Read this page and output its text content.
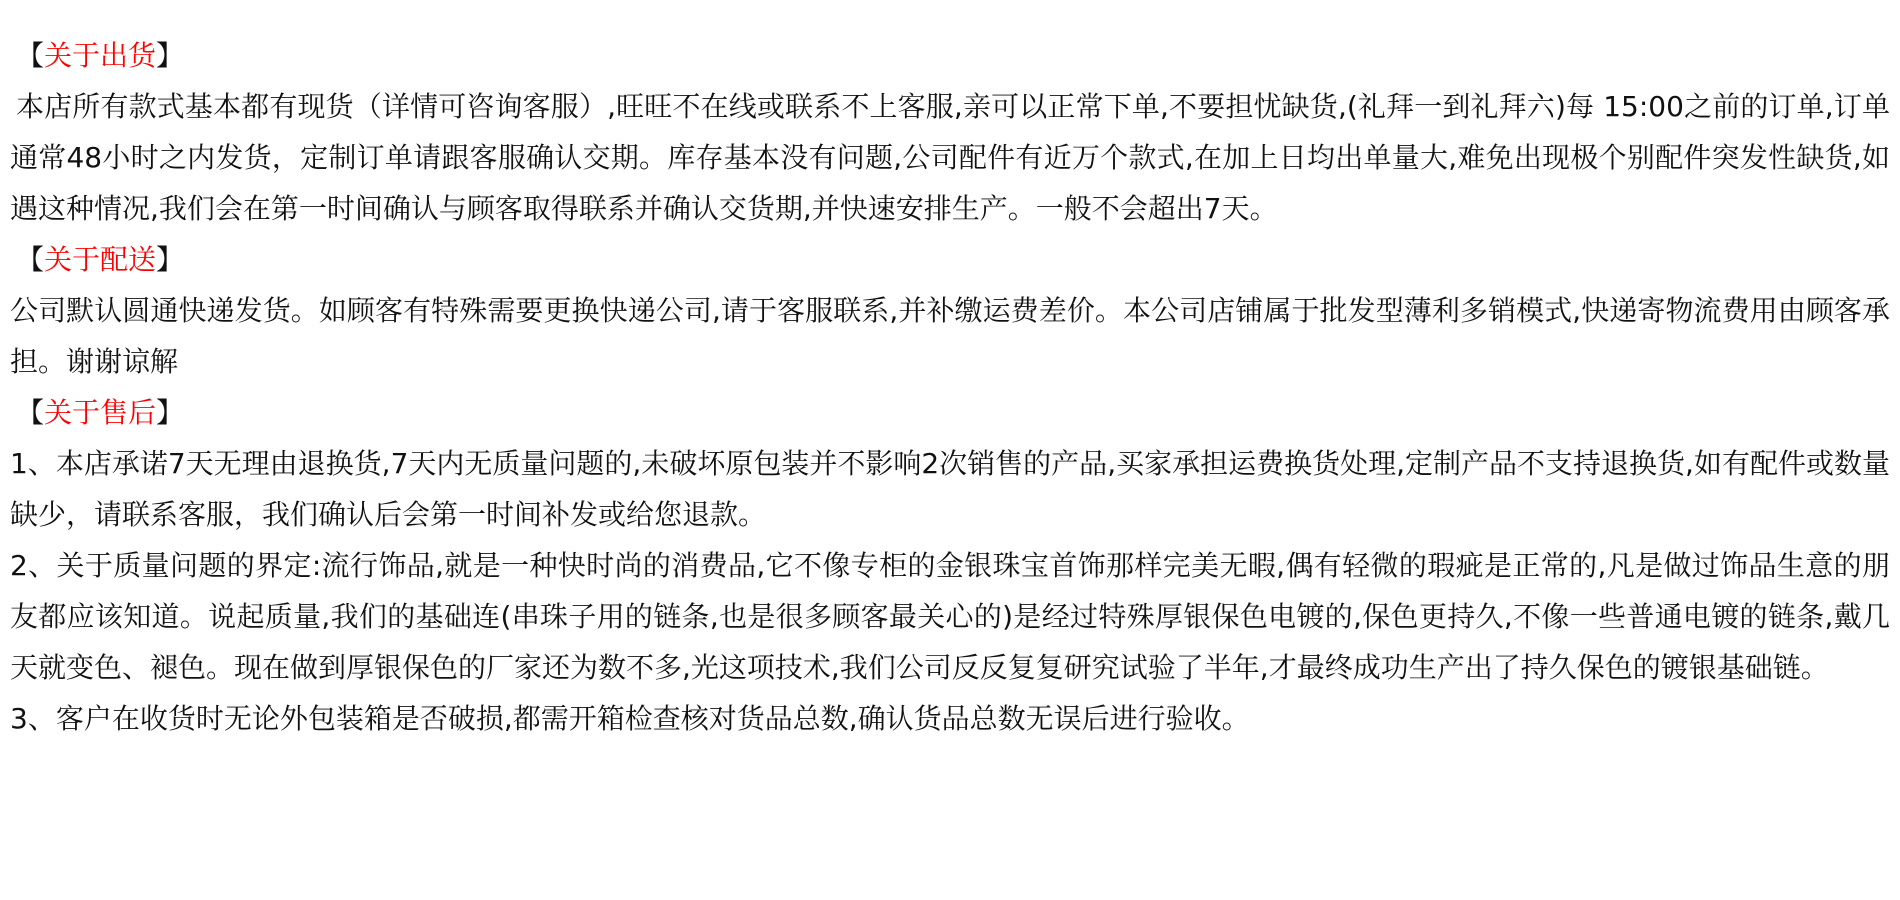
【关于出货】

本店所有款式基本都有现货（详情可咨询客服）,旺旺不在线或联系不上客服,亲可以正常下单,不要担忧缺货,(礼拜一到礼拜六)每 15:00之前的订单,订单通常48小时之内发货，定制订单请跟客服确认交期。库存基本没有问题,公司配件有近万个款式,在加上日均出单量大,难免出现极个别配件突发性缺货,如遇这种情况,我们会在第一时间确认与顾客取得联系并确认交货期,并快速安排生产。一般不会超出7天。

【关于配送】

公司默认圆通快递发货。如顾客有特殊需要更换快递公司,请于客服联系,并补缴运费差价。本公司店铺属于批发型薄利多销模式,快递寄物流费用由顾客承担。谢谢谅解

【关于售后】

1、本店承诺7天无理由退换货,7天内无质量问题的,未破坏原包装并不影响2次销售的产品,买家承担运费换货处理,定制产品不支持退换货,如有配件或数量缺少，请联系客服，我们确认后会第一时间补发或给您退款。

2、关于质量问题的界定:流行饰品,就是一种快时尚的消费品,它不像专柜的金银珠宝首饰那样完美无暇,偶有轻微的瑕疵是正常的,凡是做过饰品生意的朋友都应该知道。说起质量,我们的基础连(串珠子用的链条,也是很多顾客最关心的)是经过特殊厚银保色电镀的,保色更持久,不像一些普通电镀的链条,戴几天就变色、褪色。现在做到厚银保色的厂家还为数不多,光这项技术,我们公司反反复复研究试验了半年,才最终成功生产出了持久保色的镀银基础链。

3、客户在收货时无论外包装箱是否破损,都需开箱检查核对货品总数,确认货品总数无误后进行验收。
